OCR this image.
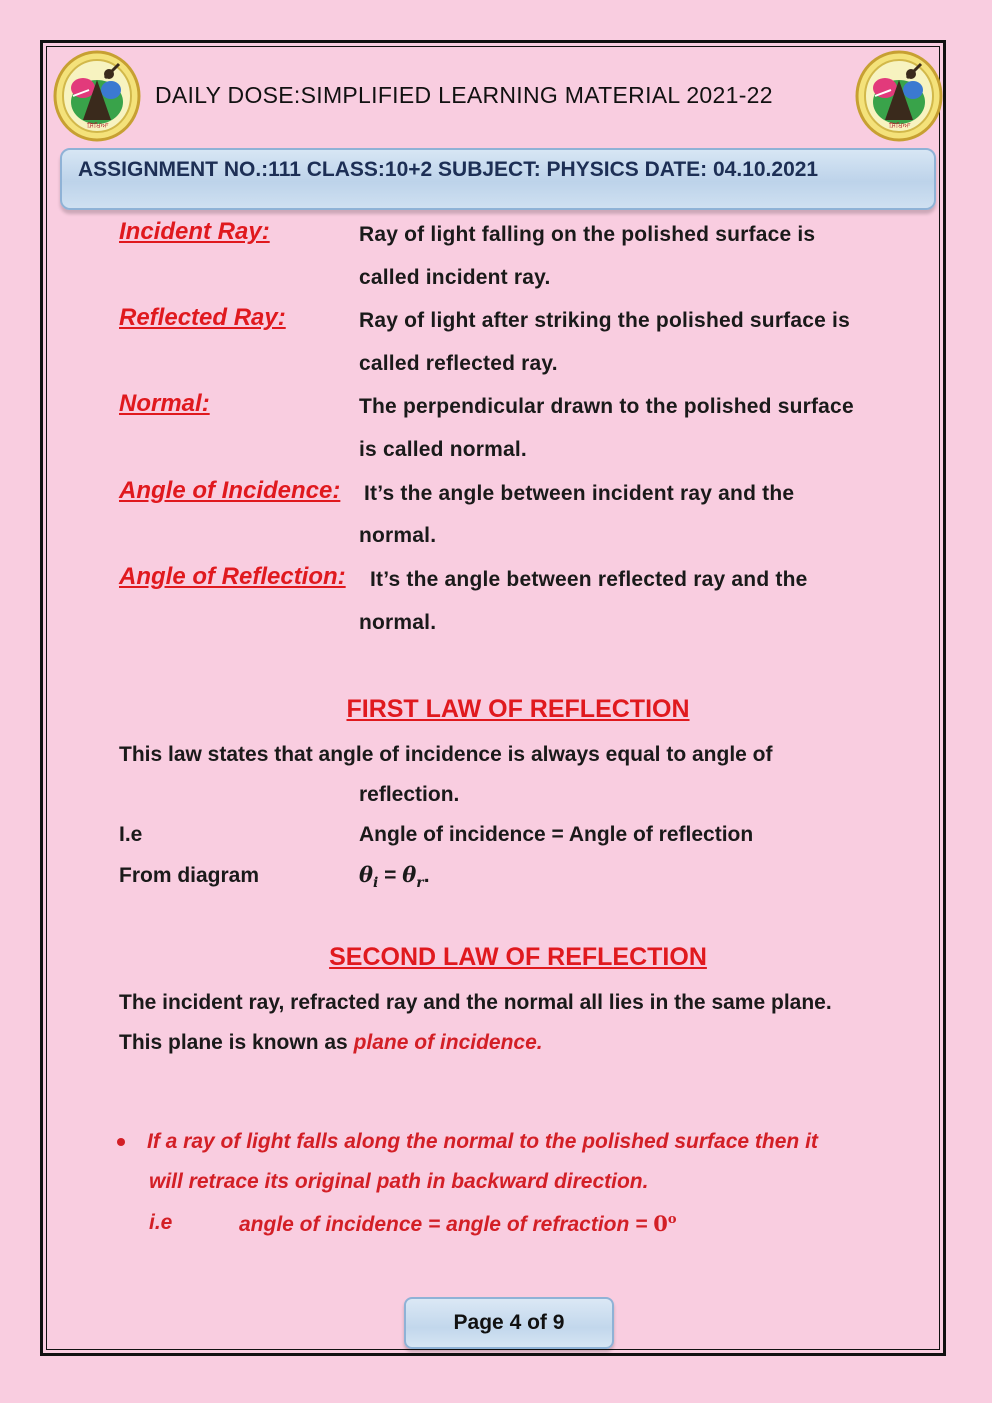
ਸਿੱਖਿਆ	ਸਿੱਖਿਆ
DAILY DOSE:SIMPLIFIED LEARNING MATERIAL 2021-22
ASSIGNMENT NO.:111 CLASS:10+2 SUBJECT: PHYSICS DATE: 04.10.2021
Incident Ray:	Ray of light falling on the polished surface is
called incident ray.
Reflected Ray:	Ray of light after striking the polished surface is
called reflected ray.
Normal:	The perpendicular drawn to the polished surface
is called normal.
Angle of Incidence: It’s the angle between incident ray and the
normal.
Angle of Reflection: It’s the angle between reflected ray and the
normal.
FIRST LAW OF REFLECTION
This law states that angle of incidence is always equal to angle of
reflection.
I.e	Angle of incidence = Angle of reflection
From diagram	$\theta_i = \theta_r$.
SECOND LAW OF REFLECTION
The incident ray, refracted ray and the normal all lies in the same plane.
This plane is known as plane of incidence.
If a ray of light falls along the normal to the polished surface then it
will retrace its original path in backward direction.
i.e	angle of incidence = angle of refraction = $0^o$
Page 4 of 9
